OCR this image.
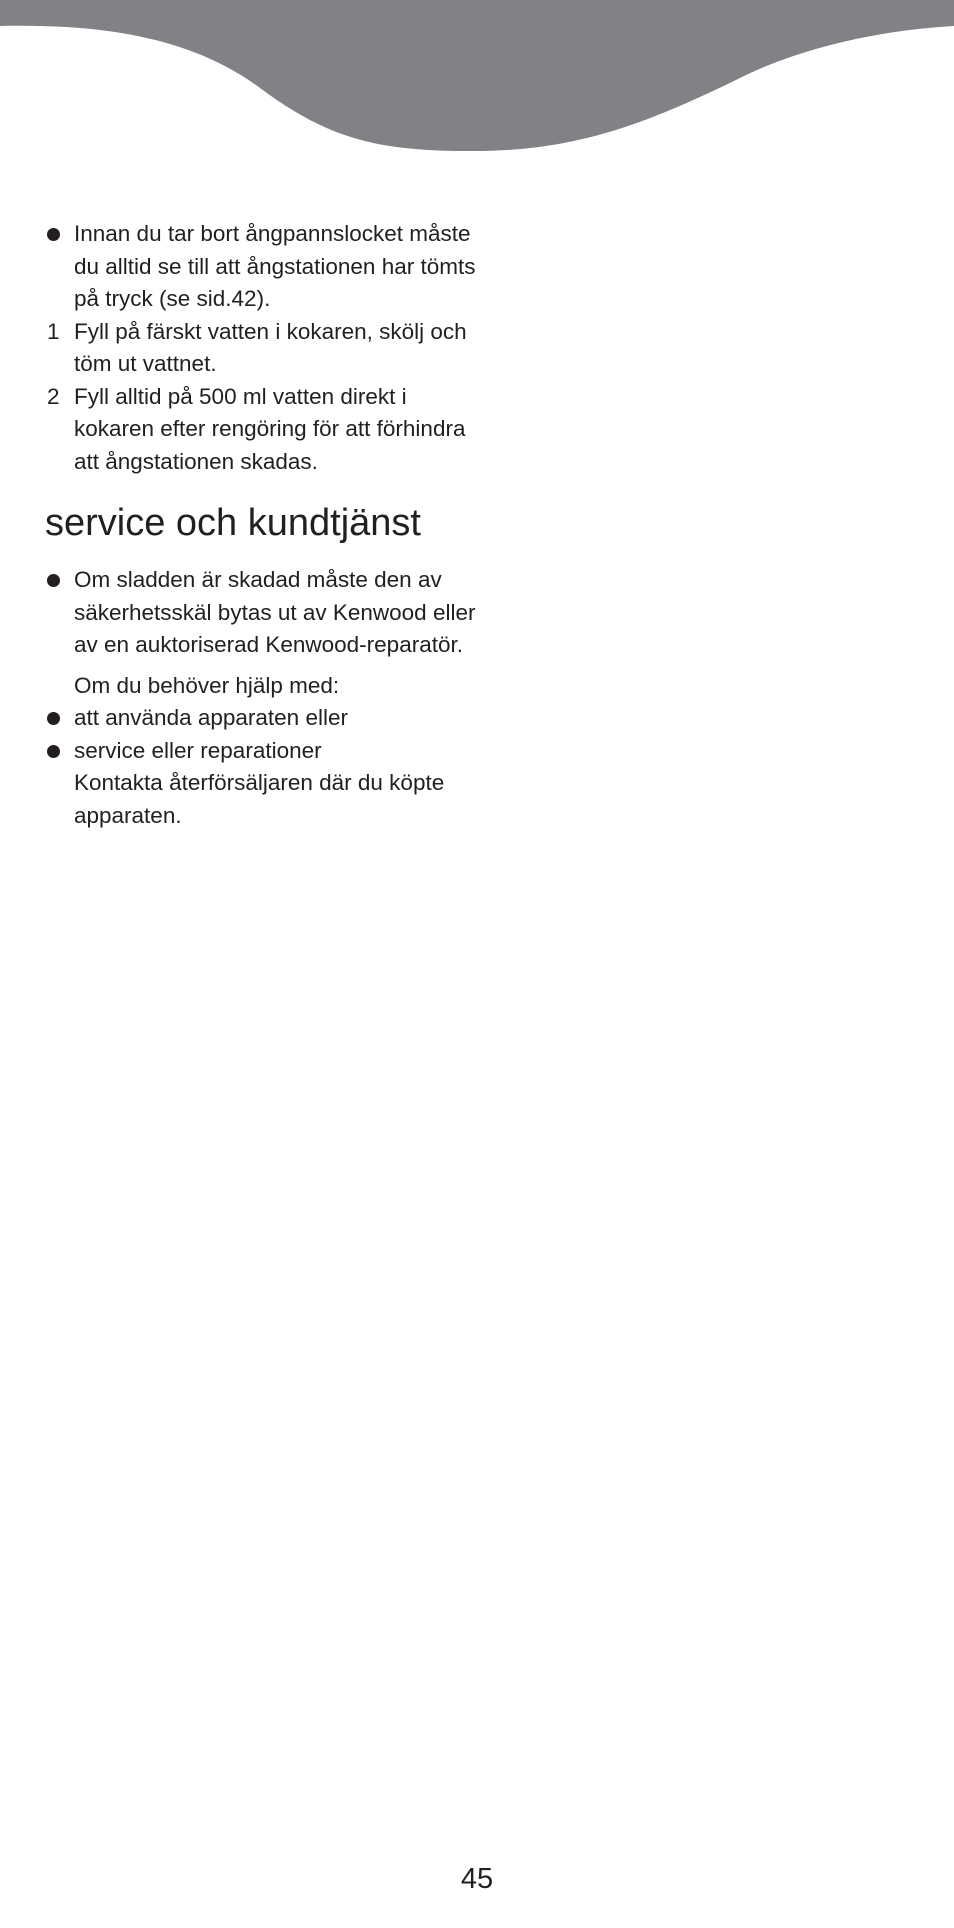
Innan du tar bort ångpannslocket måste du alltid se till att ångstationen har tömts på tryck (se sid.42).
1 Fyll på färskt vatten i kokaren, skölj och töm ut vattnet.
2 Fyll alltid på 500 ml vatten direkt i kokaren efter rengöring för att förhindra att ångstationen skadas.
service och kundtjänst
Om sladden är skadad måste den av säkerhetsskäl bytas ut av Kenwood eller av en auktoriserad Kenwood-reparatör.
Om du behöver hjälp med:
att använda apparaten eller
service eller reparationer
Kontakta återförsäljaren där du köpte apparaten.
45
